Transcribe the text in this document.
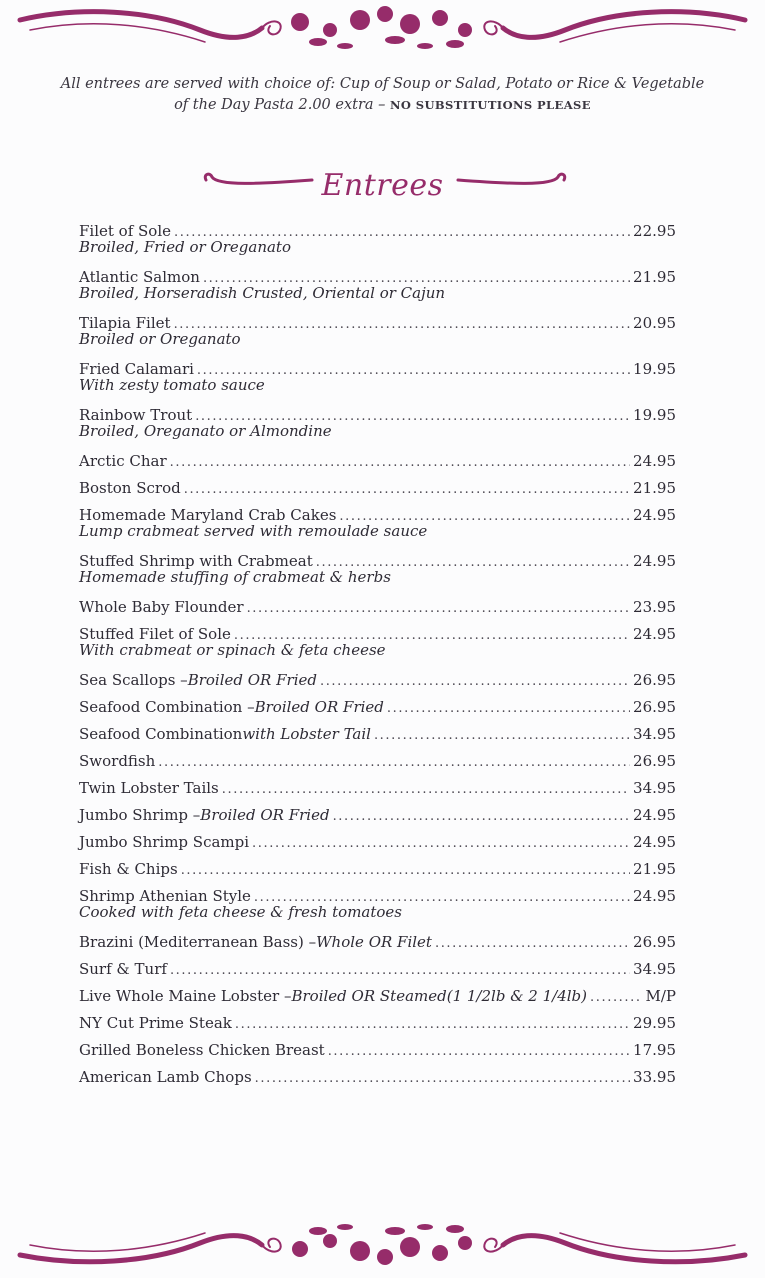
All entrees are served with choice of: Cup of Soup or Salad, Potato or Rice & Vegetable of the Day Pasta 2.00 extra – NO SUBSTITUTIONS PLEASE
Entrees
Filet of Sole .....	22.95
Broiled, Fried or Oreganato
Atlantic Salmon .....	21.95
Broiled, Horseradish Crusted, Oriental or Cajun
Tilapia Filet .....	20.95
Broiled or Oreganato
Fried Calamari .....	19.95
With zesty tomato sauce
Rainbow Trout .....	19.95
Broiled, Oreganato or Almondine
Arctic Char .....	24.95
Boston Scrod .....	21.95
Homemade Maryland Crab Cakes .....	24.95
Lump crabmeat served with remoulade sauce
Stuffed Shrimp with Crabmeat .....	24.95
Homemade stuffing of crabmeat & herbs
Whole Baby Flounder .....	23.95
Stuffed Filet of Sole .....	24.95
With crabmeat or spinach & feta cheese
Sea Scallops – Broiled OR Fried .....	26.95
Seafood Combination – Broiled OR Fried .....	26.95
Seafood Combination with Lobster Tail .....	34.95
Swordfish .....	26.95
Twin Lobster Tails .....	34.95
Jumbo Shrimp – Broiled OR Fried .....	24.95
Jumbo Shrimp Scampi .....	24.95
Fish & Chips .....	21.95
Shrimp Athenian Style .....	24.95
Cooked with feta cheese & fresh tomatoes
Brazini (Mediterranean Bass) – Whole OR Filet .....	26.95
Surf & Turf .....	34.95
Live Whole Maine Lobster – Broiled OR Steamed(1 1/2lb & 2 1/4lb) .....	M/P
NY Cut Prime Steak .....	29.95
Grilled Boneless Chicken Breast .....	17.95
American Lamb Chops .....	33.95
